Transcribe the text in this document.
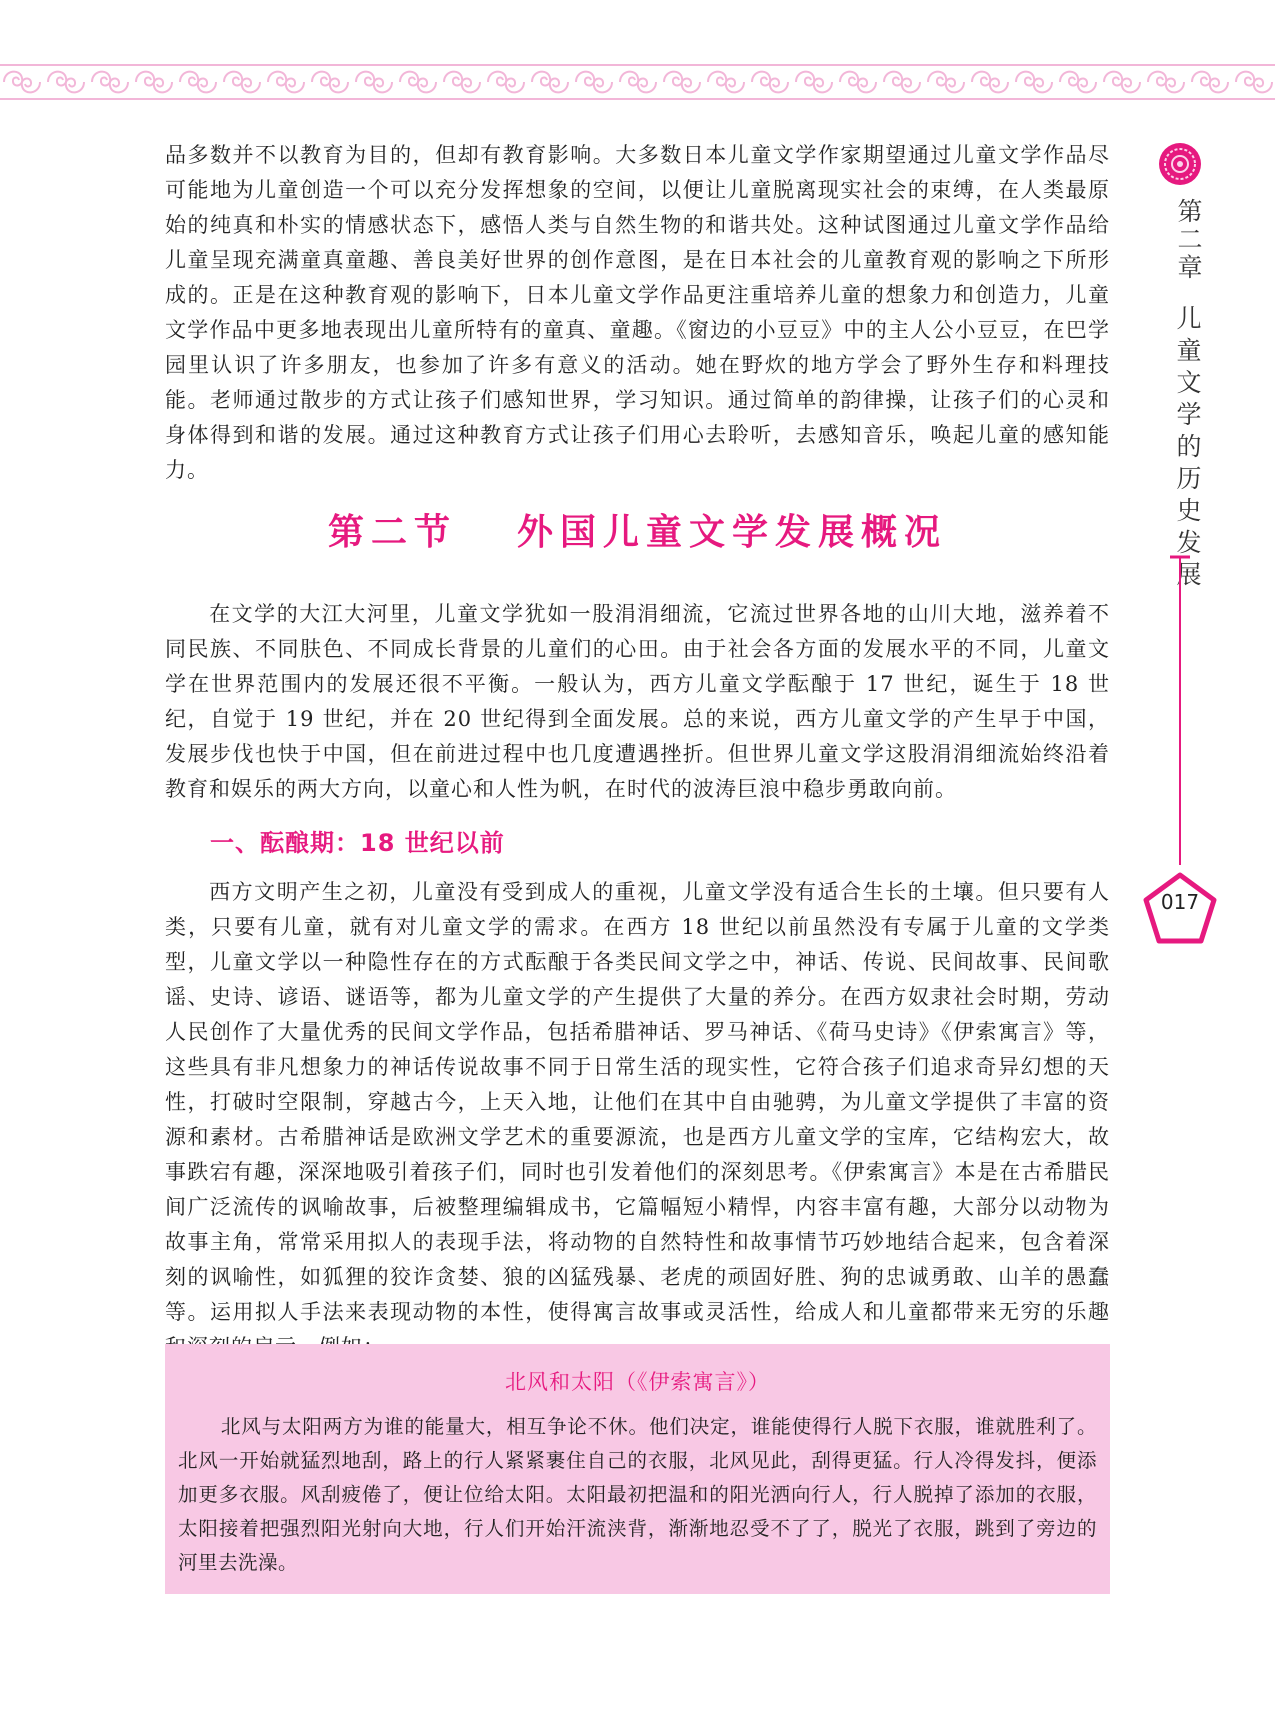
品多数并不以教育为目的，但却有教育影响。大多数日本儿童文学作家期望通过儿童文学作品尽可能地为儿童创造一个可以充分发挥想象的空间，以便让儿童脱离现实社会的束缚，在人类最原始的纯真和朴实的情感状态下，感悟人类与自然生物的和谐共处。这种试图通过儿童文学作品给儿童呈现充满童真童趣、善良美好世界的创作意图，是在日本社会的儿童教育观的影响之下所形成的。正是在这种教育观的影响下，日本儿童文学作品更注重培养儿童的想象力和创造力，儿童文学作品中更多地表现出儿童所特有的童真、童趣。《窗边的小豆豆》中的主人公小豆豆，在巴学园里认识了许多朋友，也参加了许多有意义的活动。她在野炊的地方学会了野外生存和料理技能。老师通过散步的方式让孩子们感知世界，学习知识。通过简单的韵律操，让孩子们的心灵和身体得到和谐的发展。通过这种教育方式让孩子们用心去聆听，去感知音乐，唤起儿童的感知能力。

第二节 外国儿童文学发展概况

在文学的大江大河里，儿童文学犹如一股涓涓细流，它流过世界各地的山川大地，滋养着不同民族、不同肤色、不同成长背景的儿童们的心田。由于社会各方面的发展水平的不同，儿童文学在世界范围内的发展还很不平衡。一般认为，西方儿童文学酝酿于 17 世纪，诞生于 18 世纪，自觉于 19 世纪，并在 20 世纪得到全面发展。总的来说，西方儿童文学的产生早于中国，发展步伐也快于中国，但在前进过程中也几度遭遇挫折。但世界儿童文学这股涓涓细流始终沿着教育和娱乐的两大方向，以童心和人性为帆，在时代的波涛巨浪中稳步勇敢向前。

一、酝酿期：18 世纪以前

西方文明产生之初，儿童没有受到成人的重视，儿童文学没有适合生长的土壤。但只要有人类，只要有儿童，就有对儿童文学的需求。在西方 18 世纪以前虽然没有专属于儿童的文学类型，儿童文学以一种隐性存在的方式酝酿于各类民间文学之中，神话、传说、民间故事、民间歌谣、史诗、谚语、谜语等，都为儿童文学的产生提供了大量的养分。在西方奴隶社会时期，劳动人民创作了大量优秀的民间文学作品，包括希腊神话、罗马神话、《荷马史诗》《伊索寓言》等，这些具有非凡想象力的神话传说故事不同于日常生活的现实性，它符合孩子们追求奇异幻想的天性，打破时空限制，穿越古今，上天入地，让他们在其中自由驰骋，为儿童文学提供了丰富的资源和素材。古希腊神话是欧洲文学艺术的重要源流，也是西方儿童文学的宝库，它结构宏大，故事跌宕有趣，深深地吸引着孩子们，同时也引发着他们的深刻思考。《伊索寓言》本是在古希腊民间广泛流传的讽喻故事，后被整理编辑成书，它篇幅短小精悍，内容丰富有趣，大部分以动物为故事主角，常常采用拟人的表现手法，将动物的自然特性和故事情节巧妙地结合起来，包含着深刻的讽喻性，如狐狸的狡诈贪婪、狼的凶猛残暴、老虎的顽固好胜、狗的忠诚勇敢、山羊的愚蠢等。运用拟人手法来表现动物的本性，使得寓言故事或灵活性，给成人和儿童都带来无穷的乐趣

北风和太阳（《伊索寓言》）

北风与太阳两方为谁的能量大，相互争论不休。他们决定，谁能使得行人脱下衣服，谁就胜利了。北风一开始就猛烈地刮，路上的行人紧紧裹住自己的衣服，北风见此，刮得更猛。行人冷得发抖，便添加更多衣服。风刮疲倦了，便让位给太阳。太阳最初把温和的阳光洒向行人，行人脱掉了添加的衣服，太阳接着把强烈阳光射向大地，行人们开始汗流浃背，渐渐地忍受不了了，脱光了衣服，跳到了旁边的河里去洗澡。

第二章
儿童文学的历史发展
017
